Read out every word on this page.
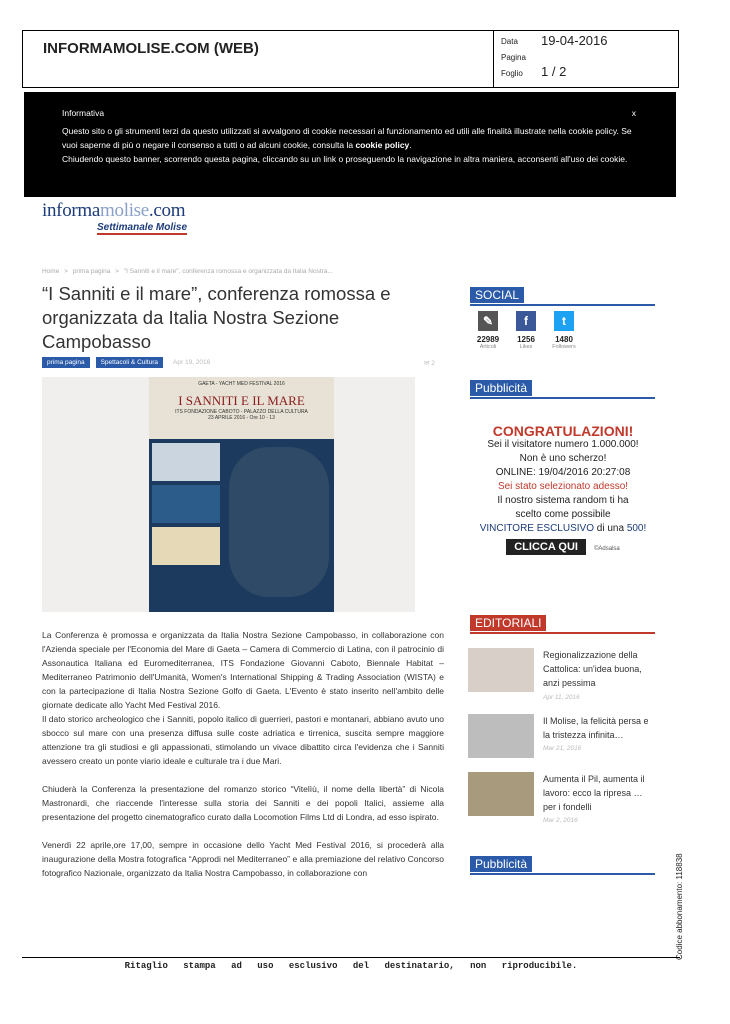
INFORMAMOLISE.COM (WEB)	Data 19-04-2016
Pagina
Foglio 1 / 2
Informativa	x
Questo sito o gli strumenti terzi da questo utilizzati si avvalgono di cookie necessari al funzionamento ed utili alle finalità illustrate nella cookie policy. Se vuoi saperne di più o negare il consenso a tutti o ad alcuni cookie, consulta la cookie policy.
Chiudendo questo banner, scorrendo questa pagina, cliccando su un link o proseguendo la navigazione in altra maniera, acconsenti all'uso dei cookie.
informamolise.com
Settimanale Molise
Home > prima pagina > "I Sanniti e il mare", conferenza romossa e organizzata da Italia Nostra...
“I Sanniti e il mare”, conferenza romossa e organizzata da Italia Nostra Sezione Campobasso
prima pagina	Spettacoli & Cultura	Apr 19, 2016	✉ 2
GAETA - YACHT MED FESTIVAL 2016
I SANNITI E IL MARE
ITS FONDAZIONE CABOTO - PALAZZO DELLA CULTURA
23 APRILE 2016 - Ore 10 - 13

La Conferenza è promossa e organizzata da Italia Nostra Sezione Campobasso, in collaborazione con l'Azienda speciale per l'Economia del Mare di Gaeta – Camera di Commercio di Latina, con il patrocinio di Assonautica Italiana ed Euromediterranea, ITS Fondazione Giovanni Caboto, Biennale Habitat – Mediterraneo Patrimonio dell'Umanità, Women's International Shipping & Trading Association (WISTA) e con la partecipazione di Italia Nostra Sezione Golfo di Gaeta. L'Evento è stato inserito nell'ambito delle giornate dedicate allo Yacht Med Festival 2016.
Il dato storico archeologico che i Sanniti, popolo italico di guerrieri, pastori e montanari, abbiano avuto uno sbocco sul mare con una presenza diffusa sulle coste adriatica e tirrenica, suscita sempre maggiore attenzione tra gli studiosi e gli appassionati, stimolando un vivace dibattito circa l'evidenza che i Sanniti avessero creato un ponte viario ideale e culturale tra i due Mari.

Chiuderà la Conferenza la presentazione del romanzo storico “Vitelìù, il nome della libertà” di Nicola Mastronardi, che riaccende l'interesse sulla storia dei Sanniti e dei popoli Italici, assieme alla presentazione del progetto cinematografico curato dalla Locomotion Films Ltd di Londra, ad esso ispirato.

Venerdì 22 aprile,ore 17,00, sempre in occasione dello Yacht Med Festival 2016, si procederà alla inaugurazione della Mostra fotografica “Approdi nel Mediterraneo” e alla premiazione del relativo Concorso fotografico Nazionale, organizzato da Italia Nostra Campobasso, in collaborazione con

SOCIAL
✎
22989
Articoli
f
1256
Likes
t
1480
Followers
Pubblicità
CONGRATULAZIONI!
Sei il visitatore numero 1.000.000!
Non è uno scherzo!
ONLINE: 19/04/2016 20:27:08
Sei stato selezionato adesso!
Il nostro sistema random ti ha
scelto come possibile
VINCITORE ESCLUSIVO di una 500!
CLICCA QUI	©Adsalsa
EDITORIALI
Regionalizzazione della Cattolica: un'idea buona, anzi pessima
Apr 11, 2016
Il Molise, la felicità persa e la tristezza infinita…
Mar 21, 2016
Aumenta il Pil, aumenta il lavoro: ecco la ripresa … per i fondelli
Mar 2, 2016
Pubblicità	Codice abbonamento: 118838
Ritaglio stampa ad uso esclusivo del destinatario, non riproducibile.
